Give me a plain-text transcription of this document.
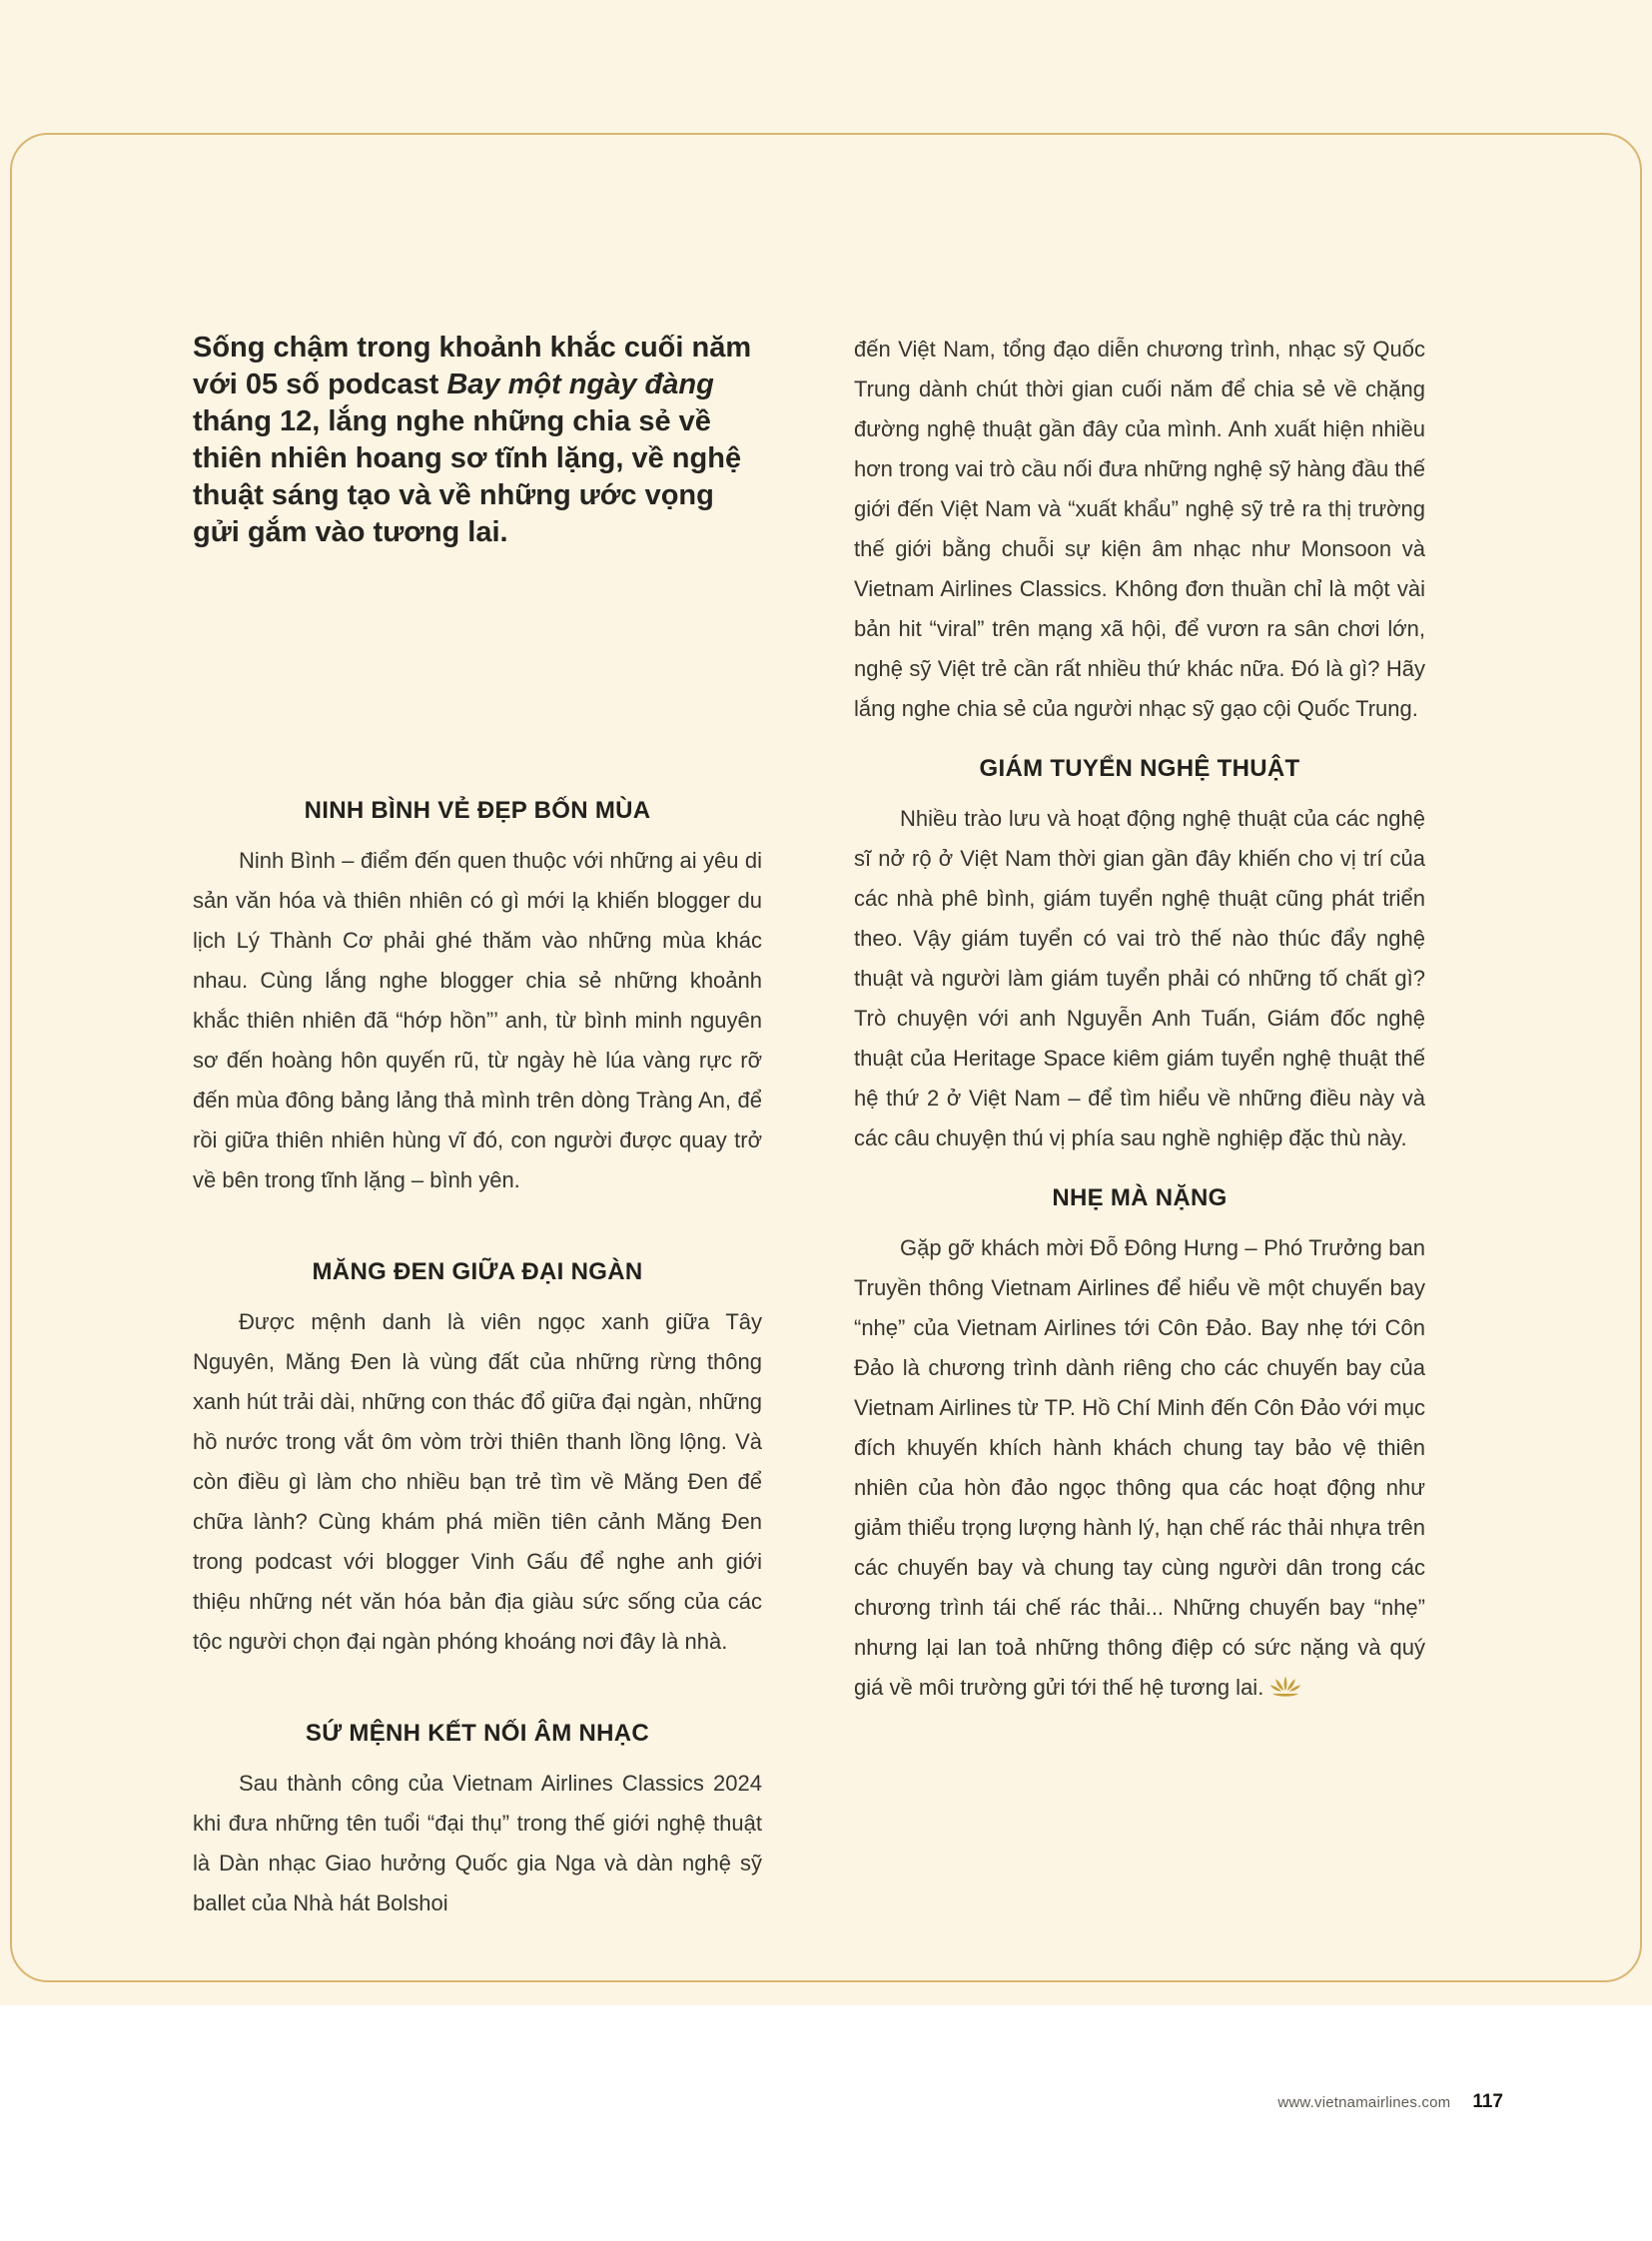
Sống chậm trong khoảnh khắc cuối năm với 05 số podcast Bay một ngày đàng tháng 12, lắng nghe những chia sẻ về thiên nhiên hoang sơ tĩnh lặng, về nghệ thuật sáng tạo và về những ước vọng gửi gắm vào tương lai.

NINH BÌNH VẺ ĐẸP BỐN MÙA

Ninh Bình – điểm đến quen thuộc với những ai yêu di sản văn hóa và thiên nhiên có gì mới lạ khiến blogger du lịch Lý Thành Cơ phải ghé thăm vào những mùa khác nhau. Cùng lắng nghe blogger chia sẻ những khoảnh khắc thiên nhiên đã “hớp hồn”’ anh, từ bình minh nguyên sơ đến hoàng hôn quyến rũ, từ ngày hè lúa vàng rực rỡ đến mùa đông bảng lảng thả mình trên dòng Tràng An, để rồi giữa thiên nhiên hùng vĩ đó, con người được quay trở về bên trong tĩnh lặng – bình yên.

MĂNG ĐEN GIỮA ĐẠI NGÀN

Được mệnh danh là viên ngọc xanh giữa Tây Nguyên, Măng Đen là vùng đất của những rừng thông xanh hút trải dài, những con thác đổ giữa đại ngàn, những hồ nước trong vắt ôm vòm trời thiên thanh lồng lộng. Và còn điều gì làm cho nhiều bạn trẻ tìm về Măng Đen để chữa lành? Cùng khám phá miền tiên cảnh Măng Đen trong podcast với blogger Vinh Gấu để nghe anh giới thiệu những nét văn hóa bản địa giàu sức sống của các tộc người chọn đại ngàn phóng khoáng nơi đây là nhà.

SỨ MỆNH KẾT NỐI ÂM NHẠC

Sau thành công của Vietnam Airlines Classics 2024 khi đưa những tên tuổi “đại thụ” trong thế giới nghệ thuật là Dàn nhạc Giao hưởng Quốc gia Nga và dàn nghệ sỹ ballet của Nhà hát Bolshoi

đến Việt Nam, tổng đạo diễn chương trình, nhạc sỹ Quốc Trung dành chút thời gian cuối năm để chia sẻ về chặng đường nghệ thuật gần đây của mình. Anh xuất hiện nhiều hơn trong vai trò cầu nối đưa những nghệ sỹ hàng đầu thế giới đến Việt Nam và “xuất khẩu” nghệ sỹ trẻ ra thị trường thế giới bằng chuỗi sự kiện âm nhạc như Monsoon và Vietnam Airlines Classics. Không đơn thuần chỉ là một vài bản hit “viral” trên mạng xã hội, để vươn ra sân chơi lớn, nghệ sỹ Việt trẻ cần rất nhiều thứ khác nữa. Đó là gì? Hãy lắng nghe chia sẻ của người nhạc sỹ gạo cội Quốc Trung.

GIÁM TUYỂN NGHỆ THUẬT

Nhiều trào lưu và hoạt động nghệ thuật của các nghệ sĩ nở rộ ở Việt Nam thời gian gần đây khiến cho vị trí của các nhà phê bình, giám tuyển nghệ thuật cũng phát triển theo. Vậy giám tuyển có vai trò thế nào thúc đẩy nghệ thuật và người làm giám tuyển phải có những tố chất gì? Trò chuyện với anh Nguyễn Anh Tuấn, Giám đốc nghệ thuật của Heritage Space kiêm giám tuyển nghệ thuật thế hệ thứ 2 ở Việt Nam – để tìm hiểu về những điều này và các câu chuyện thú vị phía sau nghề nghiệp đặc thù này.

NHẸ MÀ NẶNG

Gặp gỡ khách mời Đỗ Đông Hưng – Phó Trưởng ban Truyền thông Vietnam Airlines để hiểu về một chuyến bay “nhẹ” của Vietnam Airlines tới Côn Đảo. Bay nhẹ tới Côn Đảo là chương trình dành riêng cho các chuyến bay của Vietnam Airlines từ TP. Hồ Chí Minh đến Côn Đảo với mục đích khuyến khích hành khách chung tay bảo vệ thiên nhiên của hòn đảo ngọc thông qua các hoạt động như giảm thiểu trọng lượng hành lý, hạn chế rác thải nhựa trên các chuyến bay và chung tay cùng người dân trong các chương trình tái chế rác thải... Những chuyến bay “nhẹ” nhưng lại lan toả những thông điệp có sức nặng và quý giá về môi trường gửi tới thế hệ tương lai.

www.vietnamairlines.com 117
